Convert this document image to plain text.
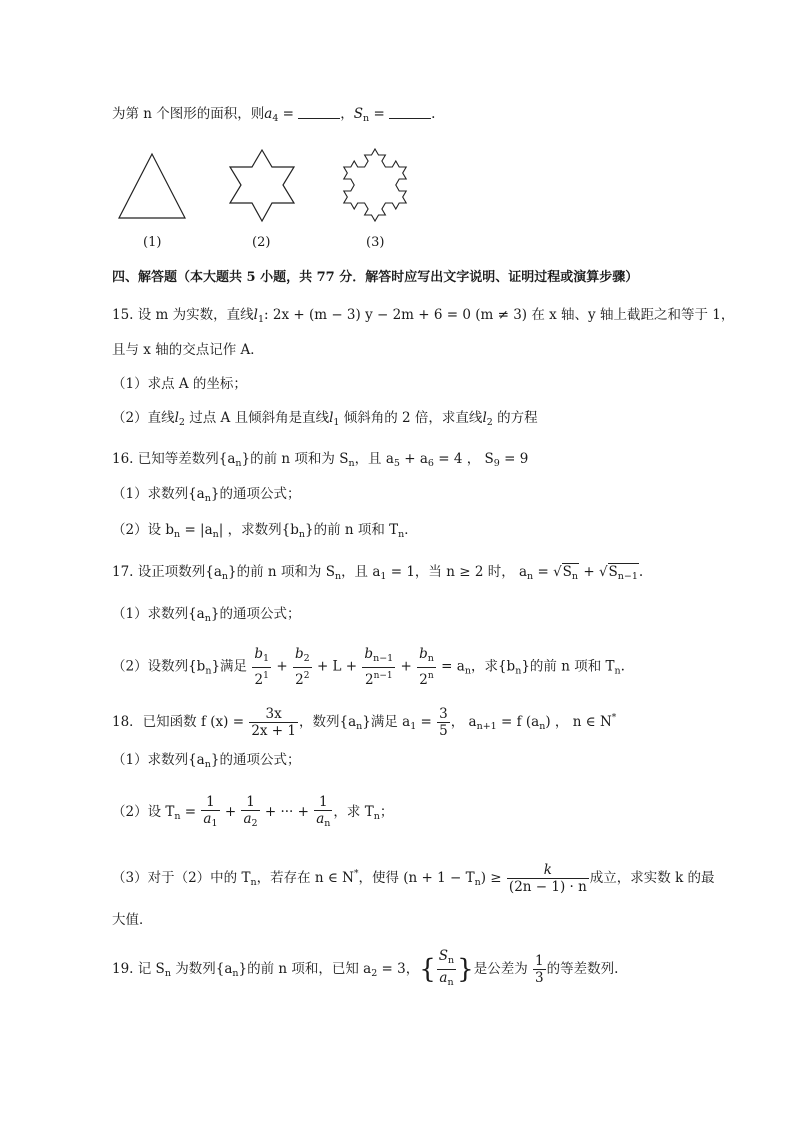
为第 n 个图形的面积，则$a_4$ =	，$S_n$ =	.
(1)	(2)	(3)
四、解答题（本大题共 5 小题，共 77 分．解答时应写出文字说明、证明过程或演算步骤）
15. 设 m 为实数，直线$l_1$: 2x + (m − 3) y − 2m + 6 = 0 (m ≠ 3) 在 x 轴、y 轴上截距之和等于 1，
且与 x 轴的交点记作 A．
（1）求点 A 的坐标；
（2）直线$l_2$ 过点 A 且倾斜角是直线$l_1$ 倾斜角的 2 倍，求直线$l_2$ 的方程
16. 已知等差数列$\{a_n\}$的前 n 项和为 $S_n$，且 $a_5 + a_6 = 4$ ， $S_9 = 9$
（1）求数列$\{a_n\}$的通项公式；
（2）设 $b_n = |a_n|$ ，求数列$\{b_n\}$的前 n 项和 $T_n$．
17. 设正项数列$\{a_n\}$的前 n 项和为 $S_n$，且 $a_1 = 1$，当 n ≥ 2 时， $a_n = √S_n + √S_{n-1}$.
（1）求数列$\{a_n\}$的通项公式；
（2）设数列$\{b_n\}$满足 $\frac{b_1}{2^1} + \frac{b_2}{2^2} + L + \frac{b_{n-1}}{2^{n-1}} + \frac{b_n}{2^n} = a_n$，求$\{b_n\}$的前 n 项和 $T_n$.
18．已知函数 f $(x) = \frac{3x}{2x + 1}$ ，数列$\{a_n\}$满足 $a_1 = \frac{3}{5}$ ， $a_{n+1} = f$ $(a_n)$ ， n ∈ N*
（1）求数列$\{a_n\}$的通项公式；
（2）设 $T_n = \frac{1}{a_1} + \frac{1}{a_2}$ + ··· + $\frac{1}{a_n}$ ，求 $T_n$；
（3）对于（2）中的 $T_n$，若存在 n ∈ N*，使得 $(n + 1 - T_n) \ge \frac{k}{(2n - 1) \cdot n}$ 成立，求实数 k 的最
大值．
19. 记 $S_n$ 为数列$\{a_n\}$的前 n 项和，已知 $a_2 = 3$，{ $\frac{S_n}{a_n}$ }是公差为 $\frac{1}{3}$ 的等差数列.
